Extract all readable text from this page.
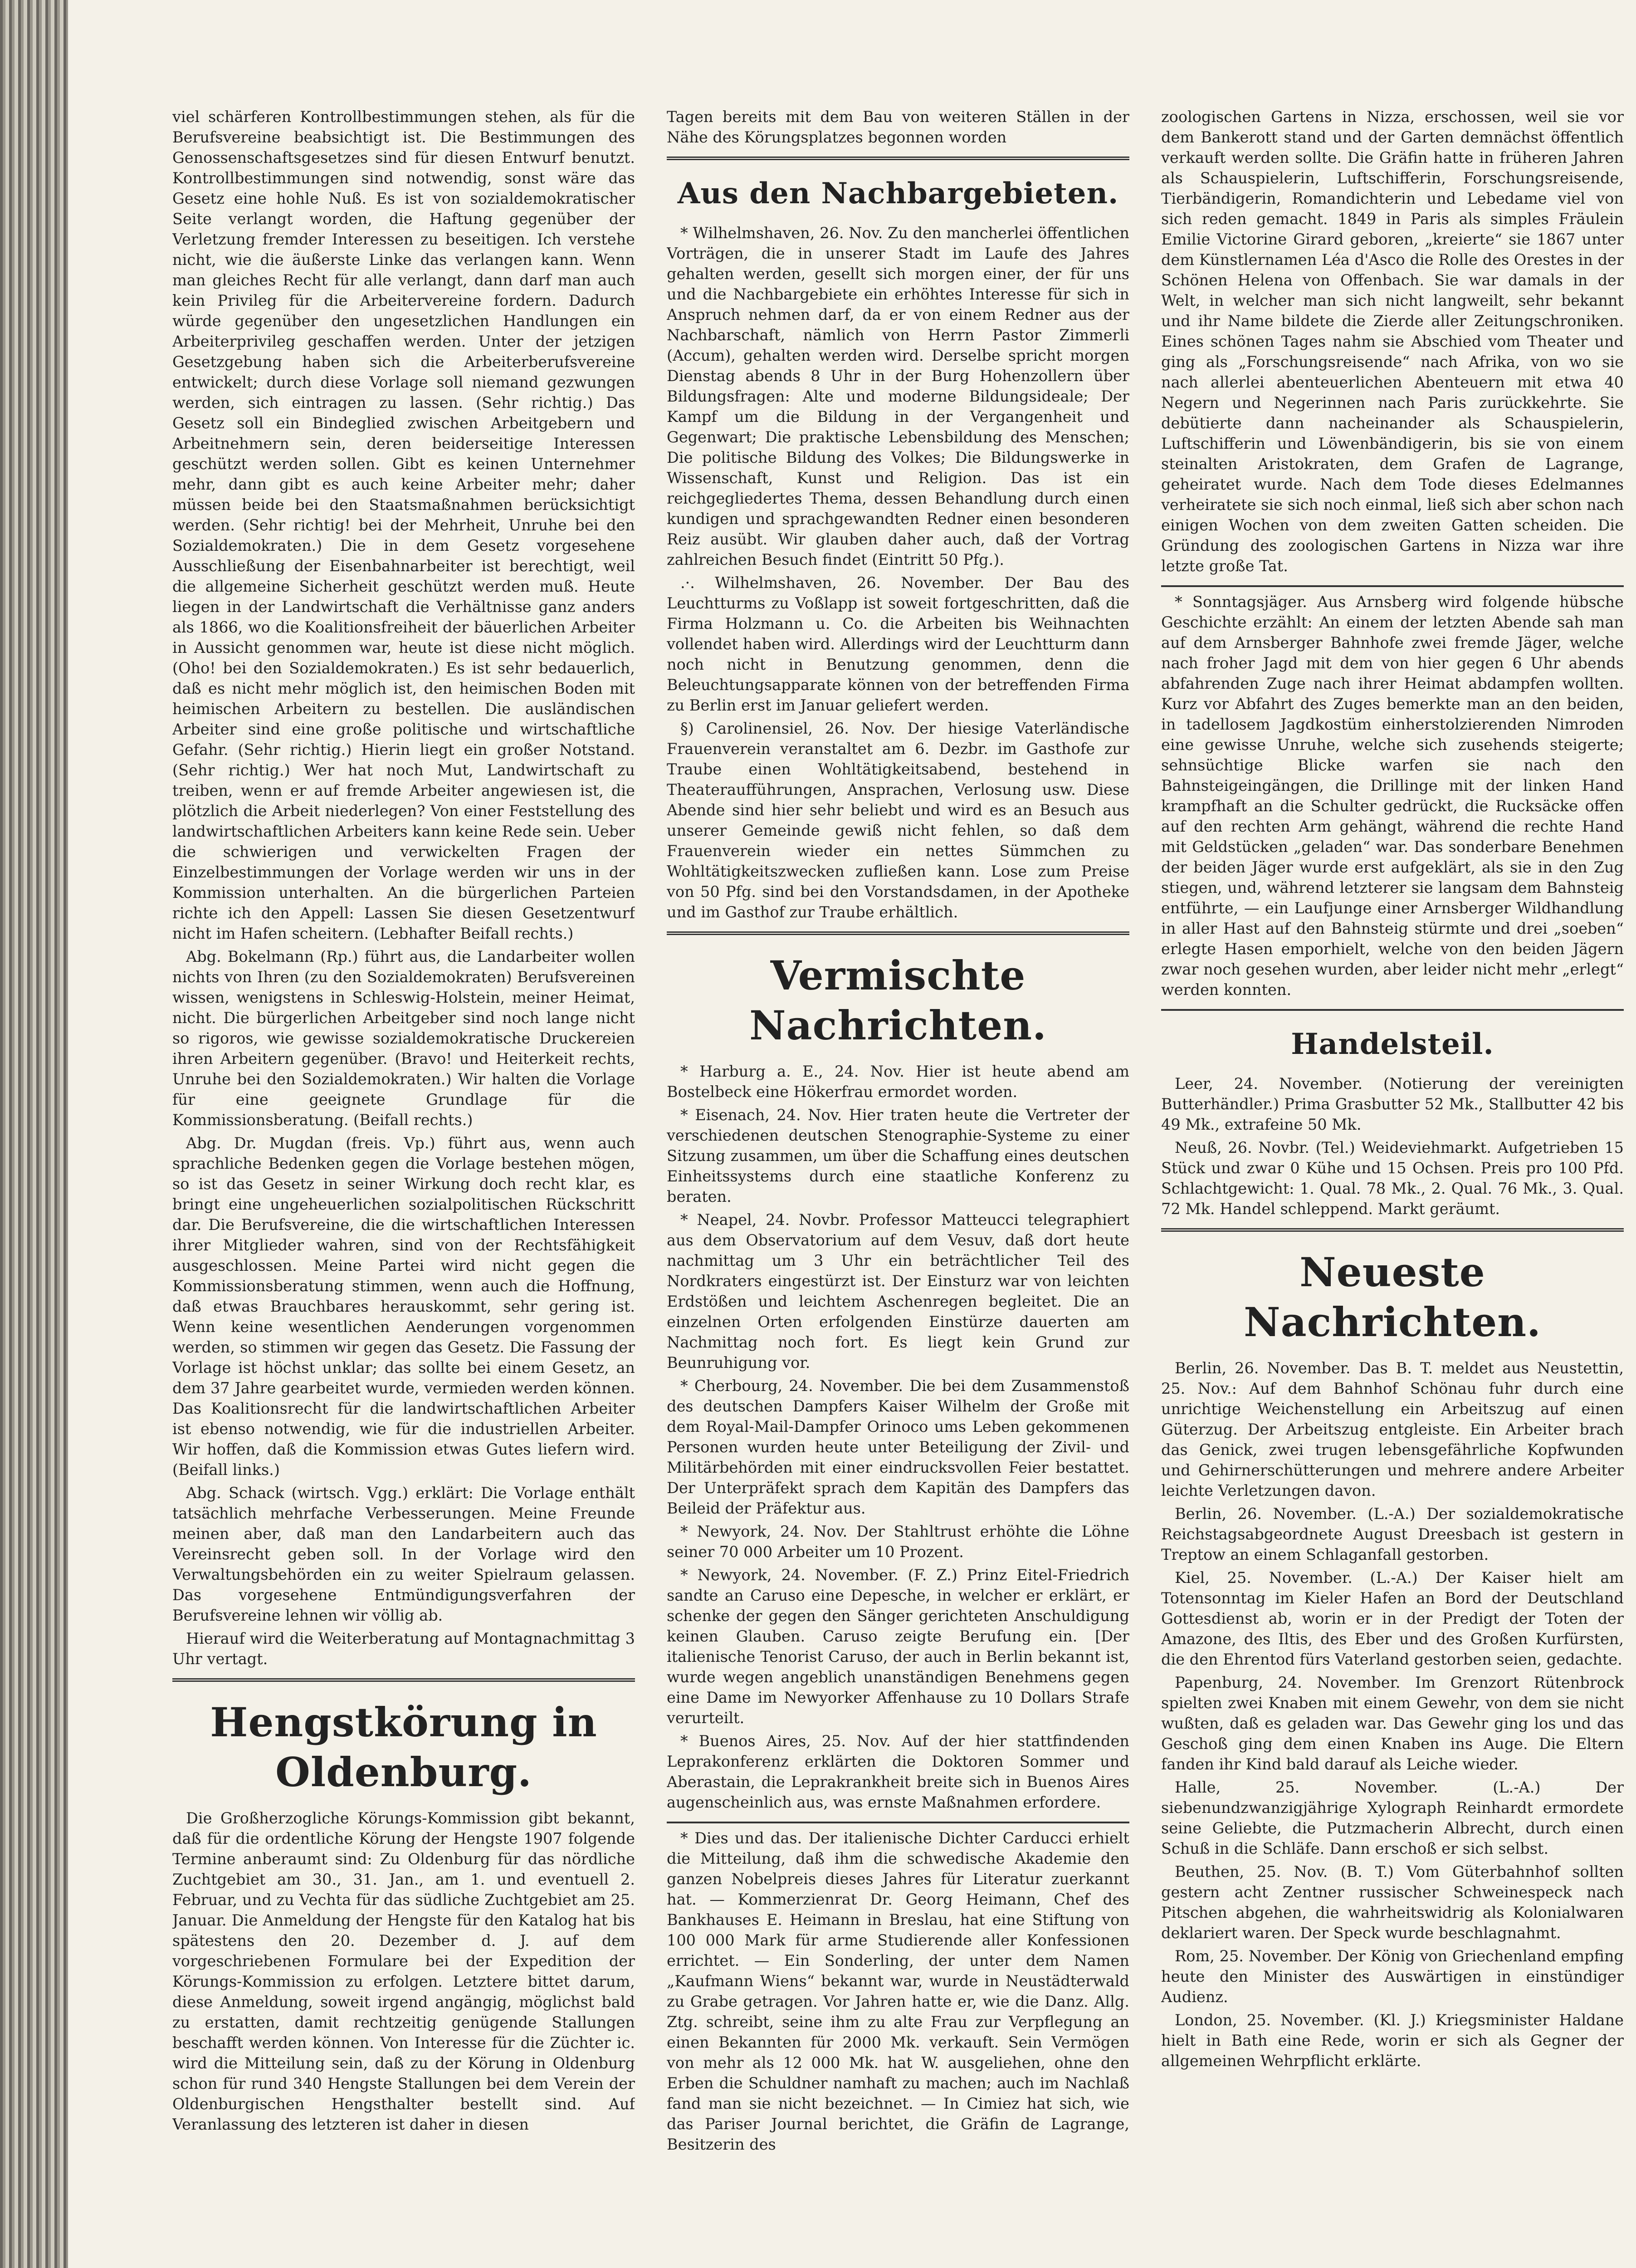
viel schärferen Kontrollbestimmungen stehen, als für die Berufsvereine beabsichtigt ist. Die Bestimmungen des Genossenschaftsgesetzes sind für diesen Entwurf benutzt. Kontrollbestimmungen sind notwendig, sonst wäre das Gesetz eine hohle Nuß. Es ist von sozialdemokratischer Seite verlangt worden, die Haftung gegenüber der Verletzung fremder Interessen zu beseitigen. Ich verstehe nicht, wie die äußerste Linke das verlangen kann. Wenn man gleiches Recht für alle verlangt, dann darf man auch kein Privileg für die Arbeitervereine fordern. Dadurch würde gegenüber den ungesetzlichen Handlungen ein Arbeiterprivileg geschaffen werden. Unter der jetzigen Gesetzgebung haben sich die Arbeiterberufsvereine entwickelt; durch diese Vorlage soll niemand gezwungen werden, sich eintragen zu lassen. (Sehr richtig.) Das Gesetz soll ein Bindeglied zwischen Arbeitgebern und Arbeitnehmern sein, deren beiderseitige Interessen geschützt werden sollen. Gibt es keinen Unternehmer mehr, dann gibt es auch keine Arbeiter mehr; daher müssen beide bei den Staatsmaßnahmen berücksichtigt werden. (Sehr richtig! bei der Mehrheit, Unruhe bei den Sozialdemokraten.) Die in dem Gesetz vorgesehene Ausschließung der Eisenbahnarbeiter ist berechtigt, weil die allgemeine Sicherheit geschützt werden muß. Heute liegen in der Landwirtschaft die Verhältnisse ganz anders als 1866, wo die Koalitionsfreiheit der bäuerlichen Arbeiter in Aussicht genommen war, heute ist diese nicht möglich. (Oho! bei den Sozialdemokraten.) Es ist sehr bedauerlich, daß es nicht mehr möglich ist, den heimischen Boden mit heimischen Arbeitern zu bestellen. Die ausländischen Arbeiter sind eine große politische und wirtschaftliche Gefahr. (Sehr richtig.) Hierin liegt ein großer Notstand. (Sehr richtig.) Wer hat noch Mut, Landwirtschaft zu treiben, wenn er auf fremde Arbeiter angewiesen ist, die plötzlich die Arbeit niederlegen? Von einer Feststellung des landwirtschaftlichen Arbeiters kann keine Rede sein. Ueber die schwierigen und verwickelten Fragen der Einzelbestimmungen der Vorlage werden wir uns in der Kommission unterhalten. An die bürgerlichen Parteien richte ich den Appell: Lassen Sie diesen Gesetzentwurf nicht im Hafen scheitern. (Lebhafter Beifall rechts.)

Abg. Bokelmann (Rp.) führt aus, die Landarbeiter wollen nichts von Ihren (zu den Sozialdemokraten) Berufsvereinen wissen, wenigstens in Schleswig-Holstein, meiner Heimat, nicht. Die bürgerlichen Arbeitgeber sind noch lange nicht so rigoros, wie gewisse sozialdemokratische Druckereien ihren Arbeitern gegenüber. (Bravo! und Heiterkeit rechts, Unruhe bei den Sozialdemokraten.) Wir halten die Vorlage für eine geeignete Grundlage für die Kommissionsberatung. (Beifall rechts.)

Abg. Dr. Mugdan (freis. Vp.) führt aus, wenn auch sprachliche Bedenken gegen die Vorlage bestehen mögen, so ist das Gesetz in seiner Wirkung doch recht klar, es bringt eine ungeheuerlichen sozialpolitischen Rückschritt dar. Die Berufsvereine, die die wirtschaftlichen Interessen ihrer Mitglieder wahren, sind von der Rechtsfähigkeit ausgeschlossen. Meine Partei wird nicht gegen die Kommissionsberatung stimmen, wenn auch die Hoffnung, daß etwas Brauchbares herauskommt, sehr gering ist. Wenn keine wesentlichen Aenderungen vorgenommen werden, so stimmen wir gegen das Gesetz. Die Fassung der Vorlage ist höchst unklar; das sollte bei einem Gesetz, an dem 37 Jahre gearbeitet wurde, vermieden werden können. Das Koalitionsrecht für die landwirtschaftlichen Arbeiter ist ebenso notwendig, wie für die industriellen Arbeiter. Wir hoffen, daß die Kommission etwas Gutes liefern wird. (Beifall links.)

Abg. Schack (wirtsch. Vgg.) erklärt: Die Vorlage enthält tatsächlich mehrfache Verbesserungen. Meine Freunde meinen aber, daß man den Landarbeitern auch das Vereinsrecht geben soll. In der Vorlage wird den Verwaltungsbehörden ein zu weiter Spielraum gelassen. Das vorgesehene Entmündigungsverfahren der Berufsvereine lehnen wir völlig ab.

Hierauf wird die Weiterberatung auf Montagnachmittag 3 Uhr vertagt.

Hengstkörung in Oldenburg.

Die Großherzogliche Körungs-Kommission gibt bekannt, daß für die ordentliche Körung der Hengste 1907 folgende Termine anberaumt sind: Zu Oldenburg für das nördliche Zuchtgebiet am 30., 31. Jan., am 1. und eventuell 2. Februar, und zu Vechta für das südliche Zuchtgebiet am 25. Januar. Die Anmeldung der Hengste für den Katalog hat bis spätestens den 20. Dezember d. J. auf dem vorgeschriebenen Formulare bei der Expedition der Körungs-Kommission zu erfolgen. Letztere bittet darum, diese Anmeldung, soweit irgend angängig, möglichst bald zu erstatten, damit rechtzeitig genügende Stallungen beschafft werden können. Von Interesse für die Züchter ic. wird die Mitteilung sein, daß zu der Körung in Oldenburg schon für rund 340 Hengste Stallungen bei dem Verein der Oldenburgischen Hengsthalter bestellt sind. Auf Veranlassung des letzteren ist daher in diesen

Tagen bereits mit dem Bau von weiteren Ställen in der Nähe des Körungsplatzes begonnen worden

Aus den Nachbargebieten.

* Wilhelmshaven, 26. Nov. Zu den mancherlei öffentlichen Vorträgen, die in unserer Stadt im Laufe des Jahres gehalten werden, gesellt sich morgen einer, der für uns und die Nachbargebiete ein erhöhtes Interesse für sich in Anspruch nehmen darf, da er von einem Redner aus der Nachbarschaft, nämlich von Herrn Pastor Zimmerli (Accum), gehalten werden wird. Derselbe spricht morgen Dienstag abends 8 Uhr in der Burg Hohenzollern über Bildungsfragen: Alte und moderne Bildungsideale; Der Kampf um die Bildung in der Vergangenheit und Gegenwart; Die praktische Lebensbildung des Menschen; Die politische Bildung des Volkes; Die Bildungswerke in Wissenschaft, Kunst und Religion. Das ist ein reichgegliedertes Thema, dessen Behandlung durch einen kundigen und sprachgewandten Redner einen besonderen Reiz ausübt. Wir glauben daher auch, daß der Vortrag zahlreichen Besuch findet (Eintritt 50 Pfg.).

.·. Wilhelmshaven, 26. November. Der Bau des Leuchtturms zu Voßlapp ist soweit fortgeschritten, daß die Firma Holzmann u. Co. die Arbeiten bis Weihnachten vollendet haben wird. Allerdings wird der Leuchtturm dann noch nicht in Benutzung genommen, denn die Beleuchtungsapparate können von der betreffenden Firma zu Berlin erst im Januar geliefert werden.

§) Carolinensiel, 26. Nov. Der hiesige Vaterländische Frauenverein veranstaltet am 6. Dezbr. im Gasthofe zur Traube einen Wohltätigkeitsabend, bestehend in Theateraufführungen, Ansprachen, Verlosung usw. Diese Abende sind hier sehr beliebt und wird es an Besuch aus unserer Gemeinde gewiß nicht fehlen, so daß dem Frauenverein wieder ein nettes Sümmchen zu Wohltätigkeitszwecken zufließen kann. Lose zum Preise von 50 Pfg. sind bei den Vorstandsdamen, in der Apotheke und im Gasthof zur Traube erhältlich.

Vermischte Nachrichten.

* Harburg a. E., 24. Nov. Hier ist heute abend am Bostelbeck eine Hökerfrau ermordet worden.

* Eisenach, 24. Nov. Hier traten heute die Vertreter der verschiedenen deutschen Stenographie-Systeme zu einer Sitzung zusammen, um über die Schaffung eines deutschen Einheitssystems durch eine staatliche Konferenz zu beraten.

* Neapel, 24. Novbr. Professor Matteucci telegraphiert aus dem Observatorium auf dem Vesuv, daß dort heute nachmittag um 3 Uhr ein beträchtlicher Teil des Nordkraters eingestürzt ist. Der Einsturz war von leichten Erdstößen und leichtem Aschenregen begleitet. Die an einzelnen Orten erfolgenden Einstürze dauerten am Nachmittag noch fort. Es liegt kein Grund zur Beunruhigung vor.

* Cherbourg, 24. November. Die bei dem Zusammenstoß des deutschen Dampfers Kaiser Wilhelm der Große mit dem Royal-Mail-Dampfer Orinoco ums Leben gekommenen Personen wurden heute unter Beteiligung der Zivil- und Militärbehörden mit einer eindrucksvollen Feier bestattet. Der Unterpräfekt sprach dem Kapitän des Dampfers das Beileid der Präfektur aus.

* Newyork, 24. Nov. Der Stahltrust erhöhte die Löhne seiner 70 000 Arbeiter um 10 Prozent.

* Newyork, 24. November. (F. Z.) Prinz Eitel-Friedrich sandte an Caruso eine Depesche, in welcher er erklärt, er schenke der gegen den Sänger gerichteten Anschuldigung keinen Glauben. Caruso zeigte Berufung ein. [Der italienische Tenorist Caruso, der auch in Berlin bekannt ist, wurde wegen angeblich unanständigen Benehmens gegen eine Dame im Newyorker Affenhause zu 10 Dollars Strafe verurteilt.

* Buenos Aires, 25. Nov. Auf der hier stattfindenden Leprakonferenz erklärten die Doktoren Sommer und Aberastain, die Leprakrankheit breite sich in Buenos Aires augenscheinlich aus, was ernste Maßnahmen erfordere.

* Dies und das. Der italienische Dichter Carducci erhielt die Mitteilung, daß ihm die schwedische Akademie den ganzen Nobelpreis dieses Jahres für Literatur zuerkannt hat. — Kommerzienrat Dr. Georg Heimann, Chef des Bankhauses E. Heimann in Breslau, hat eine Stiftung von 100 000 Mark für arme Studierende aller Konfessionen errichtet. — Ein Sonderling, der unter dem Namen „Kaufmann Wiens“ bekannt war, wurde in Neustädterwald zu Grabe getragen. Vor Jahren hatte er, wie die Danz. Allg. Ztg. schreibt, seine ihm zu alte Frau zur Verpflegung an einen Bekannten für 2000 Mk. verkauft. Sein Vermögen von mehr als 12 000 Mk. hat W. ausgeliehen, ohne den Erben die Schuldner namhaft zu machen; auch im Nachlaß fand man sie nicht bezeichnet. — In Cimiez hat sich, wie das Pariser Journal berichtet, die Gräfin de Lagrange, Besitzerin des

zoologischen Gartens in Nizza, erschossen, weil sie vor dem Bankerott stand und der Garten demnächst öffentlich verkauft werden sollte. Die Gräfin hatte in früheren Jahren als Schauspielerin, Luftschifferin, Forschungsreisende, Tierbändigerin, Romandichterin und Lebedame viel von sich reden gemacht. 1849 in Paris als simples Fräulein Emilie Victorine Girard geboren, „kreierte“ sie 1867 unter dem Künstlernamen Léa d'Asco die Rolle des Orestes in der Schönen Helena von Offenbach. Sie war damals in der Welt, in welcher man sich nicht langweilt, sehr bekannt und ihr Name bildete die Zierde aller Zeitungschroniken. Eines schönen Tages nahm sie Abschied vom Theater und ging als „Forschungsreisende“ nach Afrika, von wo sie nach allerlei abenteuerlichen Abenteuern mit etwa 40 Negern und Negerinnen nach Paris zurückkehrte. Sie debütierte dann nacheinander als Schauspielerin, Luftschifferin und Löwenbändigerin, bis sie von einem steinalten Aristokraten, dem Grafen de Lagrange, geheiratet wurde. Nach dem Tode dieses Edelmannes verheiratete sie sich noch einmal, ließ sich aber schon nach einigen Wochen von dem zweiten Gatten scheiden. Die Gründung des zoologischen Gartens in Nizza war ihre letzte große Tat.

* Sonntagsjäger. Aus Arnsberg wird folgende hübsche Geschichte erzählt: An einem der letzten Abende sah man auf dem Arnsberger Bahnhofe zwei fremde Jäger, welche nach froher Jagd mit dem von hier gegen 6 Uhr abends abfahrenden Zuge nach ihrer Heimat abdampfen wollten. Kurz vor Abfahrt des Zuges bemerkte man an den beiden, in tadellosem Jagdkostüm einherstolzierenden Nimroden eine gewisse Unruhe, welche sich zusehends steigerte; sehnsüchtige Blicke warfen sie nach den Bahnsteigeingängen, die Drillinge mit der linken Hand krampfhaft an die Schulter gedrückt, die Rucksäcke offen auf den rechten Arm gehängt, während die rechte Hand mit Geldstücken „geladen“ war. Das sonderbare Benehmen der beiden Jäger wurde erst aufgeklärt, als sie in den Zug stiegen, und, während letzterer sie langsam dem Bahnsteig entführte, — ein Laufjunge einer Arnsberger Wildhandlung in aller Hast auf den Bahnsteig stürmte und drei „soeben“ erlegte Hasen emporhielt, welche von den beiden Jägern zwar noch gesehen wurden, aber leider nicht mehr „erlegt“ werden konnten.

Handelsteil.

Leer, 24. November. (Notierung der vereinigten Butterhändler.) Prima Grasbutter 52 Mk., Stallbutter 42 bis 49 Mk., extrafeine 50 Mk.

Neuß, 26. Novbr. (Tel.) Weideviehmarkt. Aufgetrieben 15 Stück und zwar 0 Kühe und 15 Ochsen. Preis pro 100 Pfd. Schlachtgewicht: 1. Qual. 78 Mk., 2. Qual. 76 Mk., 3. Qual. 72 Mk. Handel schleppend. Markt geräumt.

Neueste Nachrichten.

Berlin, 26. November. Das B. T. meldet aus Neustettin, 25. Nov.: Auf dem Bahnhof Schönau fuhr durch eine unrichtige Weichenstellung ein Arbeitszug auf einen Güterzug. Der Arbeitszug entgleiste. Ein Arbeiter brach das Genick, zwei trugen lebensgefährliche Kopfwunden und Gehirnerschütterungen und mehrere andere Arbeiter leichte Verletzungen davon.

Berlin, 26. November. (L.-A.) Der sozialdemokratische Reichstagsabgeordnete August Dreesbach ist gestern in Treptow an einem Schlaganfall gestorben.

Kiel, 25. November. (L.-A.) Der Kaiser hielt am Totensonntag im Kieler Hafen an Bord der Deutschland Gottesdienst ab, worin er in der Predigt der Toten der Amazone, des Iltis, des Eber und des Großen Kurfürsten, die den Ehrentod fürs Vaterland gestorben seien, gedachte.

Papenburg, 24. November. Im Grenzort Rütenbrock spielten zwei Knaben mit einem Gewehr, von dem sie nicht wußten, daß es geladen war. Das Gewehr ging los und das Geschoß ging dem einen Knaben ins Auge. Die Eltern fanden ihr Kind bald darauf als Leiche wieder.

Halle, 25. November. (L.-A.) Der siebenundzwanzigjährige Xylograph Reinhardt ermordete seine Geliebte, die Putzmacherin Albrecht, durch einen Schuß in die Schläfe. Dann erschoß er sich selbst.

Beuthen, 25. Nov. (B. T.) Vom Güterbahnhof sollten gestern acht Zentner russischer Schweinespeck nach Pitschen abgehen, die wahrheitswidrig als Kolonialwaren deklariert waren. Der Speck wurde beschlagnahmt.

Rom, 25. November. Der König von Griechenland empfing heute den Minister des Auswärtigen in einstündiger Audienz.

London, 25. November. (Kl. J.) Kriegsminister Haldane hielt in Bath eine Rede, worin er sich als Gegner der allgemeinen Wehrpflicht erklärte.
